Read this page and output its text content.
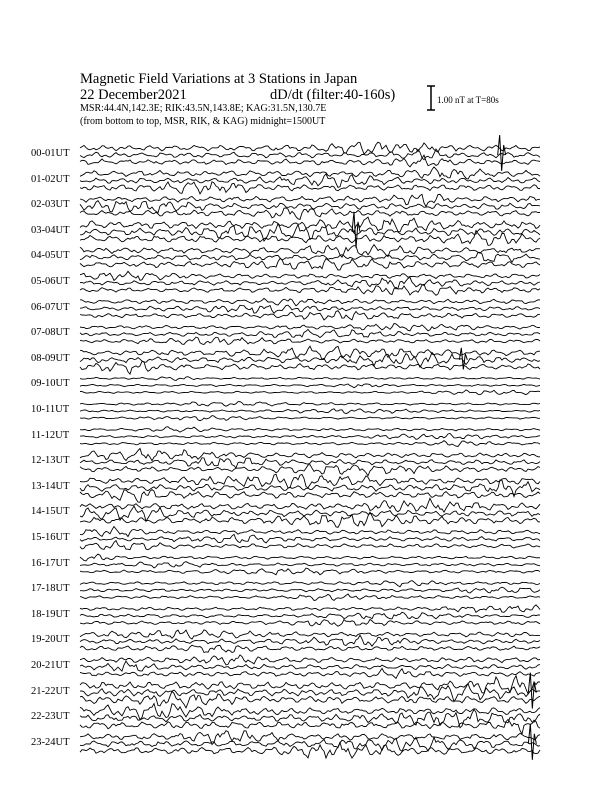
Magnetic Field Variations at 3 Stations in Japan
22 December2021	dD/dt (filter:40-160s)
MSR:44.4N,142.3E; RIK:43.5N,143.8E; KAG:31.5N,130.7E
(from bottom to top, MSR, RIK, & KAG) midnight=1500UT
1.00 nT at T=80s
00-01UT
01-02UT
02-03UT
03-04UT
04-05UT
05-06UT
06-07UT
07-08UT
08-09UT
09-10UT
10-11UT
11-12UT
12-13UT
13-14UT
14-15UT
15-16UT
16-17UT
17-18UT
18-19UT
19-20UT
20-21UT
21-22UT
22-23UT
23-24UT
